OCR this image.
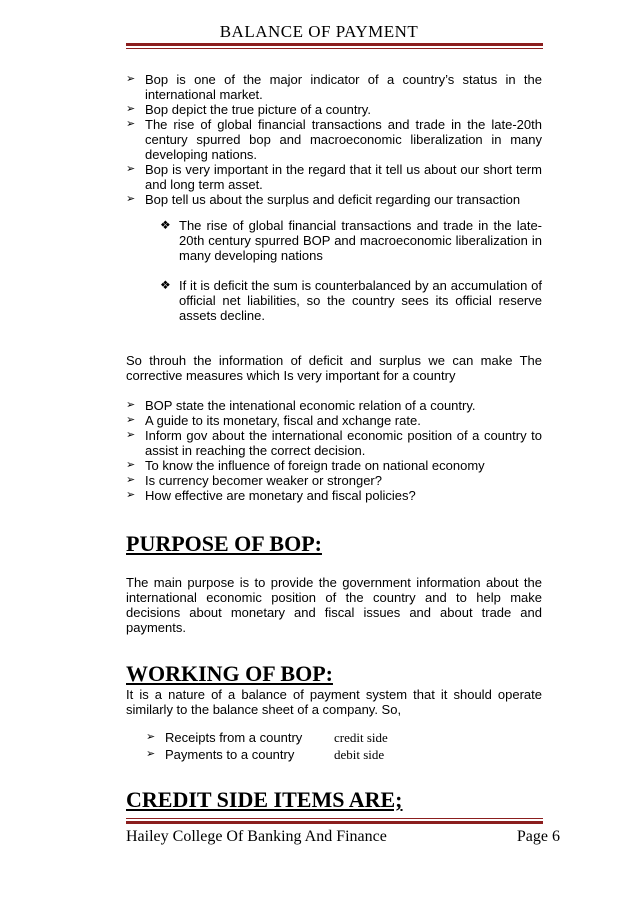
BALANCE OF PAYMENT
➢ Bop is one of the major indicator of a country’s status in the international market.
➢ Bop depict the true picture of a country.
➢ The rise of global financial transactions and trade in the late-20th century spurred bop and macroeconomic liberalization in many developing nations.
➢ Bop is very important in the regard that it tell us about our short term and long term asset.
➢ Bop tell us about the surplus and deficit regarding our transaction
❖ The rise of global financial transactions and trade in the late-20th century spurred BOP and macroeconomic liberalization in many developing nations
❖ If it is deficit the sum is counterbalanced by an accumulation of official net liabilities, so the country sees its official reserve assets decline.

So throuh the information of deficit and surplus we can make The corrective measures which Is very important for a country

➢ BOP state the intenational economic relation of a country.
➢ A guide to its monetary, fiscal and xchange rate.
➢ Inform gov about the international economic position of a country to assist in reaching the correct decision.
➢ To know the influence of foreign trade on national economy
➢ Is currency becomer weaker or stronger?
➢ How effective are monetary and fiscal policies?
PURPOSE OF BOP:

The main purpose is to provide the government information about the international economic position of the country and to help make decisions about monetary and fiscal issues and about trade and payments.

WORKING OF BOP:

It is a nature of a balance of payment system that it should operate similarly to the balance sheet of a company. So,

➢ Receipts from a country credit side
➢ Payments to a country	debit side
CREDIT SIDE ITEMS ARE;
Hailey College Of Banking And Finance	Page 6
